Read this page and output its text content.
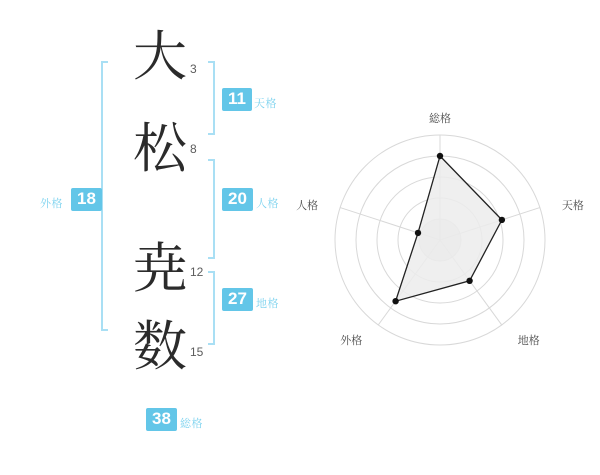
大
松
尭
数
3
8
12
15
11 天格
20 人格
27 地格
18
外格
38 総格
総格
天格
地格
外格
人格
